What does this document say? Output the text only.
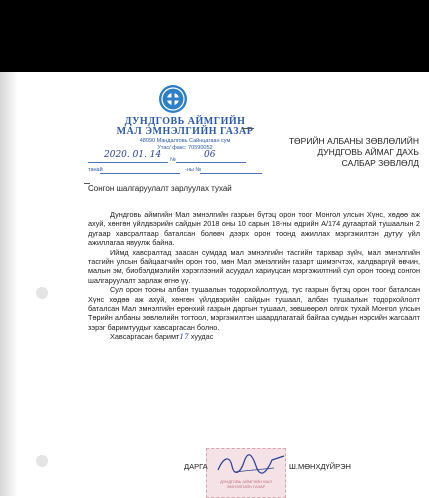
ДУНДГОВЬ АЙМГИЙН
МАЛ ЭМНЭЛГИЙН ГАЗАР
48090 Мандалговь Сайнцагаан сум
Утас/ факс: 70590052
2020. 01. 14 №	06
танай	-ны №
ТӨРИЙН АЛБАНЫ ЗӨВЛӨЛИЙН
ДУНДГОВЬ АЙМАГ ДАХЬ
САЛБАР ЗӨВЛӨЛД
Сонгон шалгаруулалт зарлуулах тухай

Дундговь аймгийн Мал эмнэлгийн газрын бүтэц орон тоог Монгол улсын Хүнс, хөдөө аж ахуй, хөнгөн үйлдвэрийн сайдын 2018 оны 10 сарын 18-ны өдрийн А/174 дугаартай тушаалын 2 дугаар хавсралтаар баталсан болөвч дээрх орон тоонд ажиллах мэргэжилтэн дутуу үйл ажиллагаа явуулж байна.

Иймд хавсралтад заасан сумдад мал эмнэлгийн тасгийн тархвар зүйч, мал эмнэлгийн тасгийн улсын байцаагчийн орон тоо, мөн Мал эмнэлгийн газарт шимэгчтэх, халдваргүй өвчин, малын эм, биобэлдмэлийн хэрэглээний асуудал хариуцсан мэргэжилтний сул орон тоонд сонгон шалгаруулалт зарлаж өгнө үү.

Сул орон тооны албан тушаалын тодорхойлолтууд, тус газрын бүтэц орон тоог баталсан Хүнс хөдөө аж ахуй, хөнгөн үйлдвэрийн сайдын тушаал, албан тушаалын тодорхойлолт баталсан Мал эмнэлгийн ерөнхий газрын даргын тушаал, зөвшөөрөл олгох тухай Монгол улсын Төрийн албаны зөвлөлийн тогтоол, мэргэжилтэн шаардлагатай байгаа сумдын нэрсийн жагсаалт зэрэг баримтуудыг хавсаргасан болно.

Хавсаргасан баримт17 хуудас

ДУНДГОВЬ АЙМГИЙН МАЛ ЭМНЭЛГИЙН ГАЗАР
ДАРГА	Ш.МӨНХДҮЙРЭН
